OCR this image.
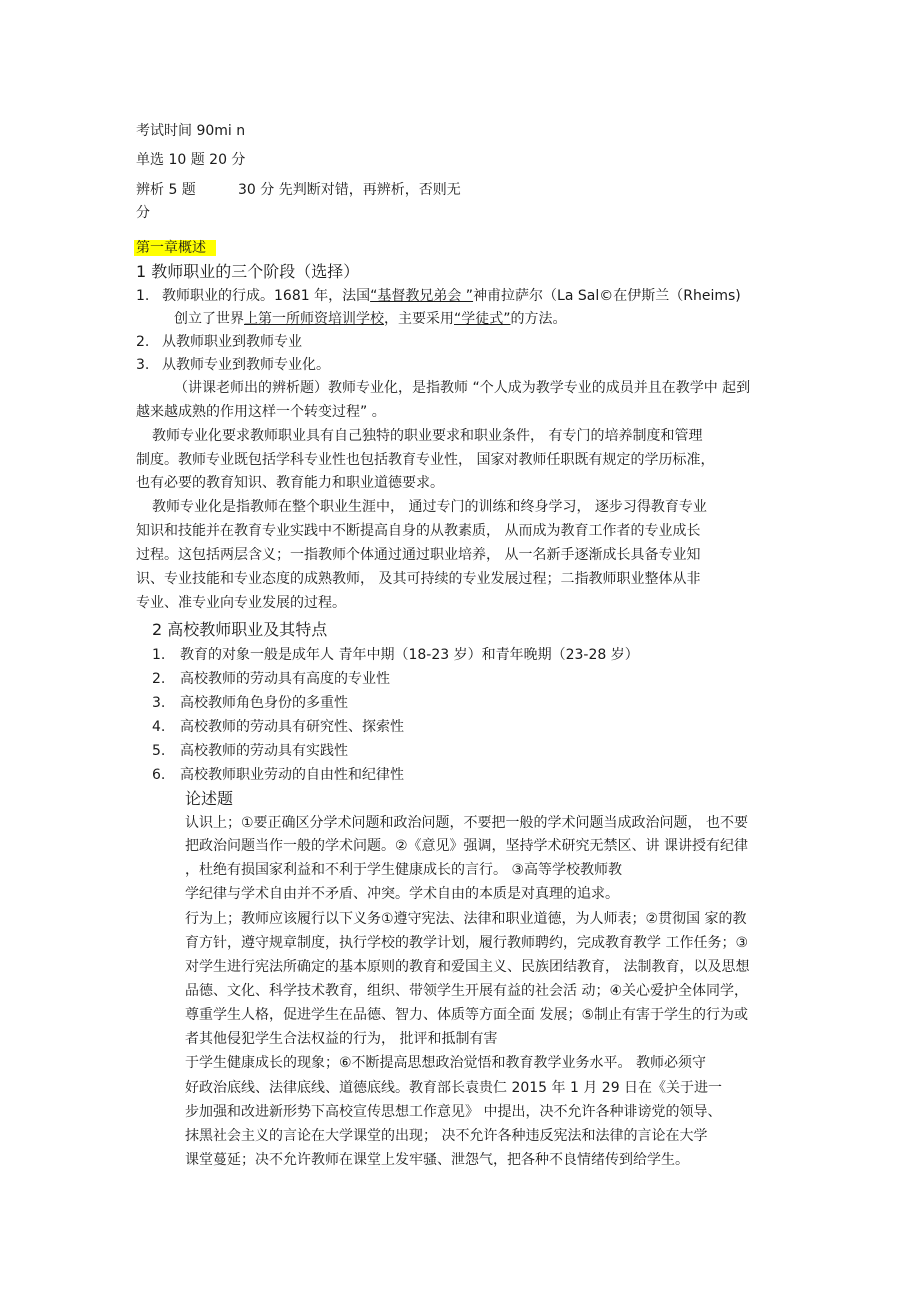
考试时间 90mi n
单选 10 题 20 分
辨析 5 题	30 分 先判断对错，再辨析，否则无
分
第一章概述
1 教师职业的三个阶段（选择）
1. 教师职业的行成。1681 年，法国“基督教兄弟会 ”神甫拉萨尔（La Sal©在伊斯兰（Rheims)
创立了世界上第一所师资培训学校，主要采用“学徒式”的方法。
2. 从教师职业到教师专业
3. 从教师专业到教师专业化。
（讲课老师出的辨析题）教师专业化，是指教师 “个人成为教学专业的成员并且在教学中 起到
越来越成熟的作用这样一个转变过程” 。
教师专业化要求教师职业具有自己独特的职业要求和职业条件， 有专门的培养制度和管理
制度。教师专业既包括学科专业性也包括教育专业性， 国家对教师任职既有规定的学历标准，
也有必要的教育知识、教育能力和职业道德要求。
教师专业化是指教师在整个职业生涯中， 通过专门的训练和终身学习， 逐步习得教育专业
知识和技能并在教育专业实践中不断提高自身的从教素质， 从而成为教育工作者的专业成长
过程。这包括两层含义；一指教师个体通过通过职业培养， 从一名新手逐渐成长具备专业知
识、专业技能和专业态度的成熟教师， 及其可持续的专业发展过程；二指教师职业整体从非
专业、准专业向专业发展的过程。
2 高校教师职业及其特点
1. 教育的对象一般是成年人 青年中期（18-23 岁）和青年晚期（23-28 岁）
2. 高校教师的劳动具有高度的专业性
3. 高校教师角色身份的多重性
4. 高校教师的劳动具有研究性、探索性
5. 高校教师的劳动具有实践性
6. 高校教师职业劳动的自由性和纪律性
论述题
认识上；①要正确区分学术问题和政治问题，不要把一般的学术问题当成政治问题， 也不要
把政治问题当作一般的学术问题。②《意见》强调，坚持学术研究无禁区、讲 课讲授有纪律
，杜绝有损国家利益和不利于学生健康成长的言行。 ③高等学校教师教
学纪律与学术自由并不矛盾、冲突。学术自由的本质是对真理的追求。
行为上；教师应该履行以下义务①遵守宪法、法律和职业道德，为人师表；②贯彻国 家的教
育方针，遵守规章制度，执行学校的教学计划，履行教师聘约，完成教育教学 工作任务；③
对学生进行宪法所确定的基本原则的教育和爱国主义、民族团结教育， 法制教育，以及思想
品德、文化、科学技术教育，组织、带领学生开展有益的社会活 动；④关心爱护全体同学，
尊重学生人格，促进学生在品德、智力、体质等方面全面 发展；⑤制止有害于学生的行为或
者其他侵犯学生合法权益的行为， 批评和抵制有害
于学生健康成长的现象；⑥不断提高思想政治觉悟和教育教学业务水平。 教师必须守
好政治底线、法律底线、道德底线。教育部长袁贵仁 2015 年 1 月 29 日在《关于进一
步加强和改进新形势下高校宣传思想工作意见》 中提出，决不允许各种诽谤党的领导、
抹黑社会主义的言论在大学课堂的出现； 决不允许各种违反宪法和法律的言论在大学
课堂蔓延；决不允许教师在课堂上发牢骚、泄怨气，把各种不良情绪传到给学生。
